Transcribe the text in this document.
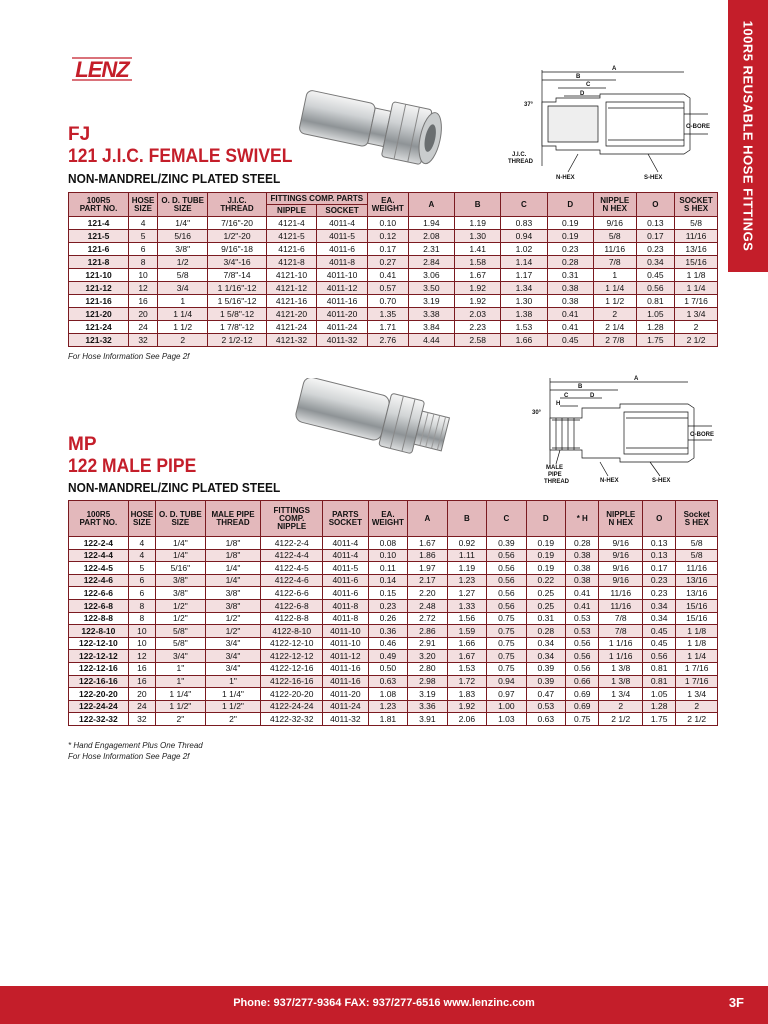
100R5 REUSABLE HOSE FITTINGS
LENZ
FJ
121 J.I.C. FEMALE SWIVEL
NON-MANDREL/ZINC PLATED STEEL
A
B
C
D
37°
J.I.C.
THREAD
N-HEX	S-HEX
O-BORE
100R5
PART NO.	HOSE
SIZE	O. D. TUBE
SIZE	J.I.C.
THREAD	FITTINGS COMP. PARTS		EA.
WEIGHT	A	B	C	D	NIPPLE
N HEX	O	SOCKET
S HEX
				NIPPLE	SOCKET								
121-4	4	1/4"	7/16"-20	4121-4	4011-4	0.10	1.94	1.19	0.83	0.19	9/16	0.13	5/8
121-5	5	5/16	1/2"-20	4121-5	4011-5	0.12	2.08	1.30	0.94	0.19	5/8	0.17	11/16
121-6	6	3/8"	9/16"-18	4121-6	4011-6	0.17	2.31	1.41	1.02	0.23	11/16	0.23	13/16
121-8	8	1/2	3/4"-16	4121-8	4011-8	0.27	2.84	1.58	1.14	0.28	7/8	0.34	15/16
121-10	10	5/8	7/8"-14	4121-10	4011-10	0.41	3.06	1.67	1.17	0.31	1	0.45	1 1/8
121-12	12	3/4	1 1/16"-12	4121-12	4011-12	0.57	3.50	1.92	1.34	0.38	1 1/4	0.56	1 1/4
121-16	16	1	1 5/16"-12	4121-16	4011-16	0.70	3.19	1.92	1.30	0.38	1 1/2	0.81	1 7/16
121-20	20	1 1/4	1 5/8"-12	4121-20	4011-20	1.35	3.38	2.03	1.38	0.41	2	1.05	1 3/4
121-24	24	1 1/2	1 7/8"-12	4121-24	4011-24	1.71	3.84	2.23	1.53	0.41	2 1/4	1.28	2
121-32	32	2	2 1/2-12	4121-32	4011-32	2.76	4.44	2.58	1.66	0.45	2 7/8	1.75	2 1/2
For Hose Information See Page 2f
MP
122 MALE PIPE
NON-MANDREL/ZINC PLATED STEEL
A
B
C	D
H
30°
MALE
PIPE
THREAD	N-HEX	S-HEX
O-BORE
100R5
PART NO.	HOSE
SIZE	O. D. TUBE
SIZE	MALE PIPE
THREAD	FITTINGS
COMP.
NIPPLE	PARTS
SOCKET	EA.
WEIGHT	A	B	C	D	* H	NIPPLE
N HEX	O	Socket
S HEX
122-2-4	4	1/4"	1/8"	4122-2-4	4011-4	0.08	1.67	0.92	0.39	0.19	0.28	9/16	0.13	5/8
122-4-4	4	1/4"	1/8"	4122-4-4	4011-4	0.10	1.86	1.11	0.56	0.19	0.38	9/16	0.13	5/8
122-4-5	5	5/16"	1/4"	4122-4-5	4011-5	0.11	1.97	1.19	0.56	0.19	0.38	9/16	0.17	11/16
122-4-6	6	3/8"	1/4"	4122-4-6	4011-6	0.14	2.17	1.23	0.56	0.22	0.38	9/16	0.23	13/16
122-6-6	6	3/8"	3/8"	4122-6-6	4011-6	0.15	2.20	1.27	0.56	0.25	0.41	11/16	0.23	13/16
122-6-8	8	1/2"	3/8"	4122-6-8	4011-8	0.23	2.48	1.33	0.56	0.25	0.41	11/16	0.34	15/16
122-8-8	8	1/2"	1/2"	4122-8-8	4011-8	0.26	2.72	1.56	0.75	0.31	0.53	7/8	0.34	15/16
122-8-10	10	5/8"	1/2"	4122-8-10	4011-10	0.36	2.86	1.59	0.75	0.28	0.53	7/8	0.45	1 1/8
122-12-10	10	5/8"	3/4"	4122-12-10	4011-10	0.46	2.91	1.66	0.75	0.34	0.56	1 1/16	0.45	1 1/8
122-12-12	12	3/4"	3/4"	4122-12-12	4011-12	0.49	3.20	1.67	0.75	0.34	0.56	1 1/16	0.56	1 1/4
122-12-16	16	1"	3/4"	4122-12-16	4011-16	0.50	2.80	1.53	0.75	0.39	0.56	1 3/8	0.81	1 7/16
122-16-16	16	1"	1"	4122-16-16	4011-16	0.63	2.98	1.72	0.94	0.39	0.66	1 3/8	0.81	1 7/16
122-20-20	20	1 1/4"	1 1/4"	4122-20-20	4011-20	1.08	3.19	1.83	0.97	0.47	0.69	1 3/4	1.05	1 3/4
122-24-24	24	1 1/2"	1 1/2"	4122-24-24	4011-24	1.23	3.36	1.92	1.00	0.53	0.69	2	1.28	2
122-32-32	32	2"	2"	4122-32-32	4011-32	1.81	3.91	2.06	1.03	0.63	0.75	2 1/2	1.75	2 1/2
* Hand Engagement Plus One Thread
For Hose Information See Page 2f
Phone: 937/277-9364 FAX: 937/277-6516 www.lenzinc.com	3F
